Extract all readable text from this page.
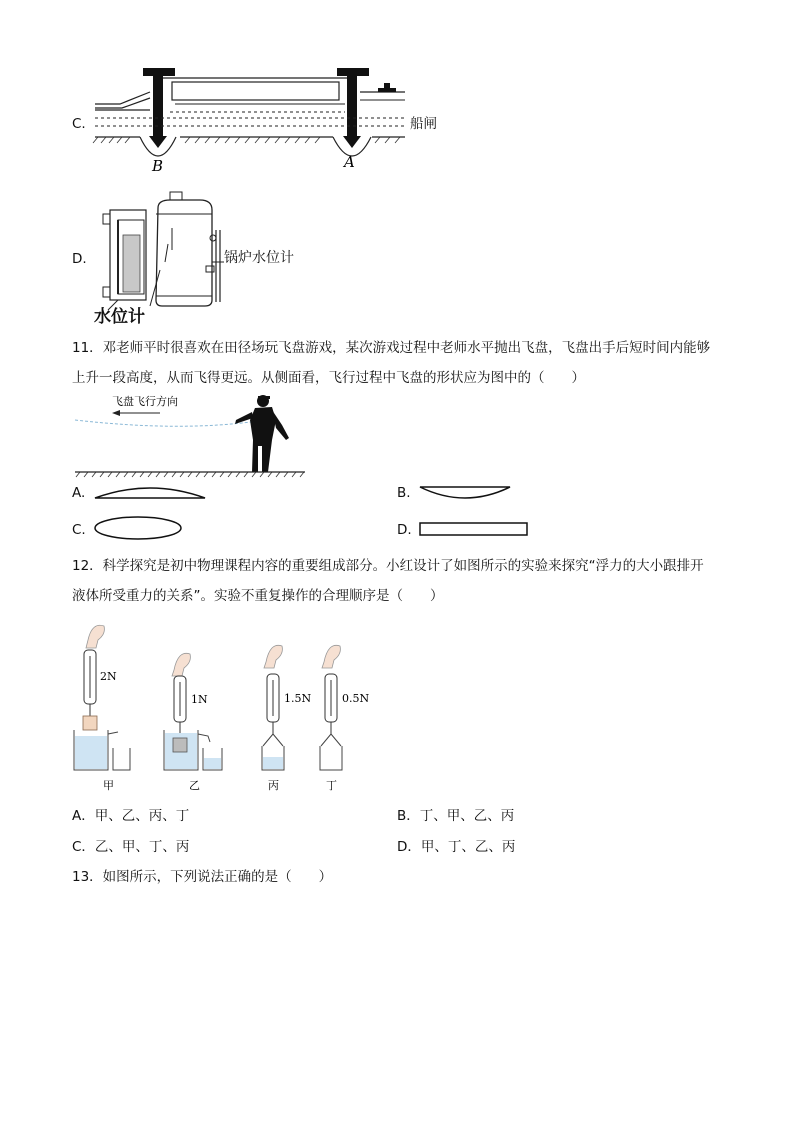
C.
B	A
船闸
D.	锅炉水位计
水位计
11．邓老师平时很喜欢在田径场玩飞盘游戏，某次游戏过程中老师水平抛出飞盘，飞盘出手后短时间内能够
上升一段高度，从而飞得更远。从侧面看，飞行过程中飞盘的形状应为图中的（　　）
飞盘飞行方向
A.	B.
C.	D.
12．科学探究是初中物理课程内容的重要组成部分。小红设计了如图所示的实验来探究“浮力的大小跟排开
液体所受重力的关系”。实验不重复操作的合理顺序是（　　）
2N
1N	1.5N	0.5N
甲	乙	丙	丁
A．甲、乙、丙、丁	B．丁、甲、乙、丙
C．乙、甲、丁、丙	D．甲、丁、乙、丙
13．如图所示，下列说法正确的是（　　）
